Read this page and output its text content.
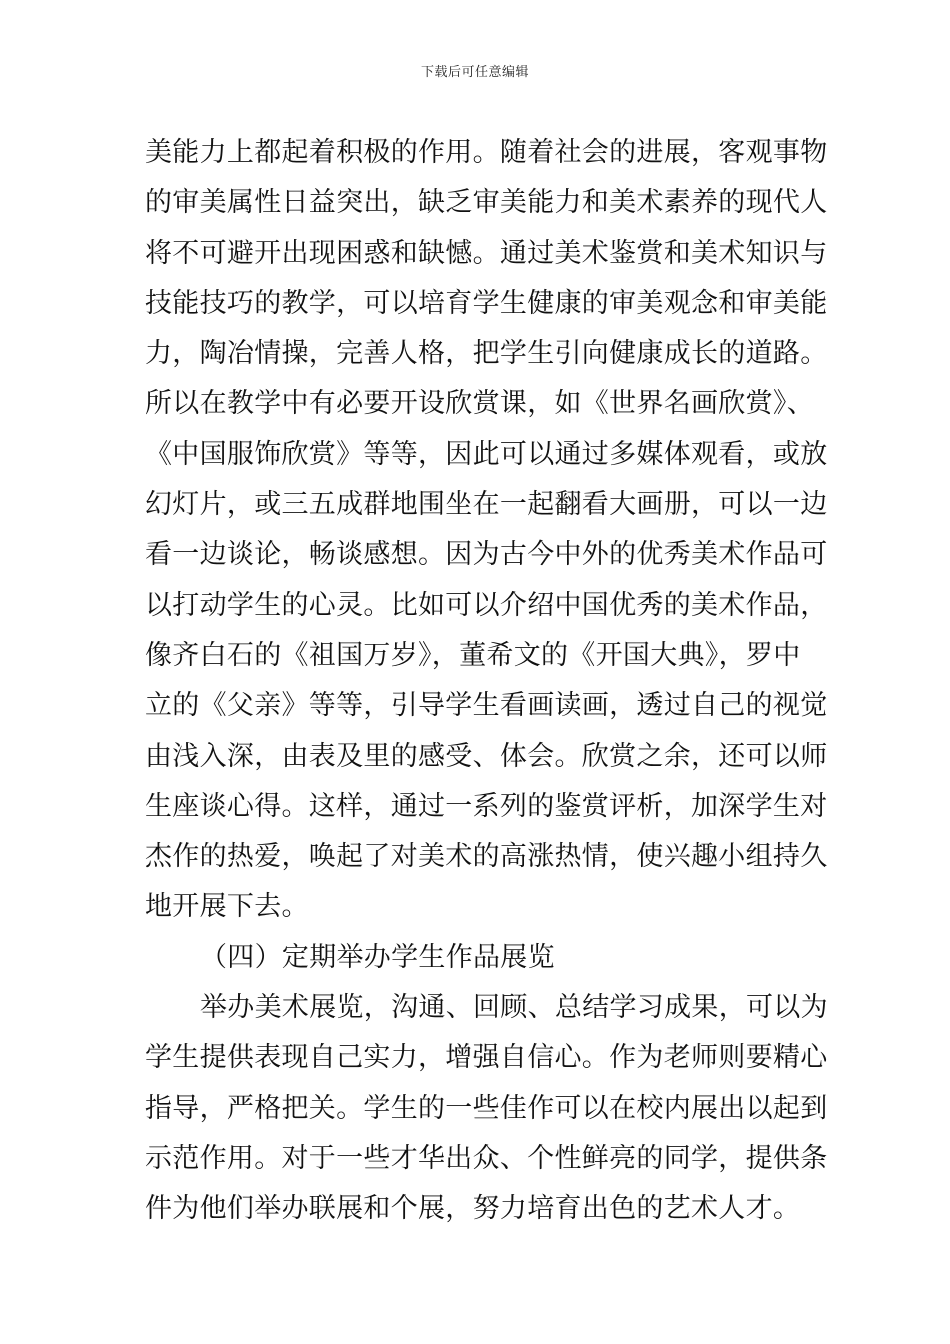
下载后可任意编辑
美能力上都起着积极的作用。随着社会的进展，客观事物
的审美属性日益突出，缺乏审美能力和美术素养的现代人
将不可避开出现困惑和缺憾。通过美术鉴赏和美术知识与
技能技巧的教学，可以培育学生健康的审美观念和审美能
力，陶冶情操，完善人格，把学生引向健康成长的道路。
所以在教学中有必要开设欣赏课，如《世界名画欣赏》、
《中国服饰欣赏》等等，因此可以通过多媒体观看，或放
幻灯片，或三五成群地围坐在一起翻看大画册，可以一边
看一边谈论，畅谈感想。因为古今中外的优秀美术作品可
以打动学生的心灵。比如可以介绍中国优秀的美术作品，
像齐白石的《祖国万岁》，董希文的《开国大典》，罗中
立的《父亲》等等，引导学生看画读画，透过自己的视觉
由浅入深，由表及里的感受、体会。欣赏之余，还可以师
生座谈心得。这样，通过一系列的鉴赏评析，加深学生对
杰作的热爱，唤起了对美术的高涨热情，使兴趣小组持久
地开展下去。
（四）定期举办学生作品展览
举办美术展览，沟通、回顾、总结学习成果，可以为
学生提供表现自己实力，增强自信心。作为老师则要精心
指导，严格把关。学生的一些佳作可以在校内展出以起到
示范作用。对于一些才华出众、个性鲜亮的同学，提供条
件为他们举办联展和个展，努力培育出色的艺术人才。
